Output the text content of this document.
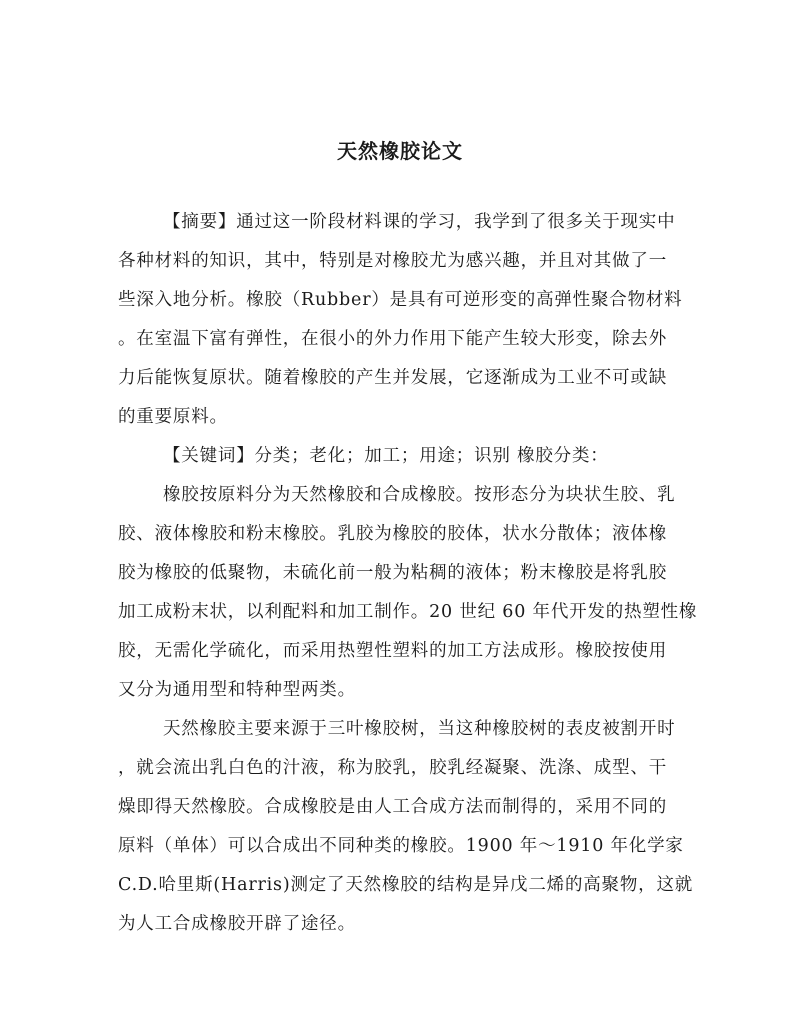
天然橡胶论文
【摘要】通过这一阶段材料课的学习，我学到了很多关于现实中
各种材料的知识，其中，特别是对橡胶尤为感兴趣，并且对其做了一
些深入地分析。橡胶（Rubber）是具有可逆形变的高弹性聚合物材料
。在室温下富有弹性，在很小的外力作用下能产生较大形变，除去外
力后能恢复原状。随着橡胶的产生并发展，它逐渐成为工业不可或缺
的重要原料。
【关键词】分类；老化；加工；用途；识别 橡胶分类：
橡胶按原料分为天然橡胶和合成橡胶。按形态分为块状生胶、乳
胶、液体橡胶和粉末橡胶。乳胶为橡胶的胶体，状水分散体；液体橡
胶为橡胶的低聚物，未硫化前一般为粘稠的液体；粉末橡胶是将乳胶
加工成粉末状，以利配料和加工制作。20 世纪 60 年代开发的热塑性橡
胶，无需化学硫化，而采用热塑性塑料的加工方法成形。橡胶按使用
又分为通用型和特种型两类。
天然橡胶主要来源于三叶橡胶树，当这种橡胶树的表皮被割开时
，就会流出乳白色的汁液，称为胶乳，胶乳经凝聚、洗涤、成型、干
燥即得天然橡胶。合成橡胶是由人工合成方法而制得的，采用不同的
原料（单体）可以合成出不同种类的橡胶。1900 年～1910 年化学家
C.D.哈里斯(Harris)测定了天然橡胶的结构是异戊二烯的高聚物，这就
为人工合成橡胶开辟了途径。
